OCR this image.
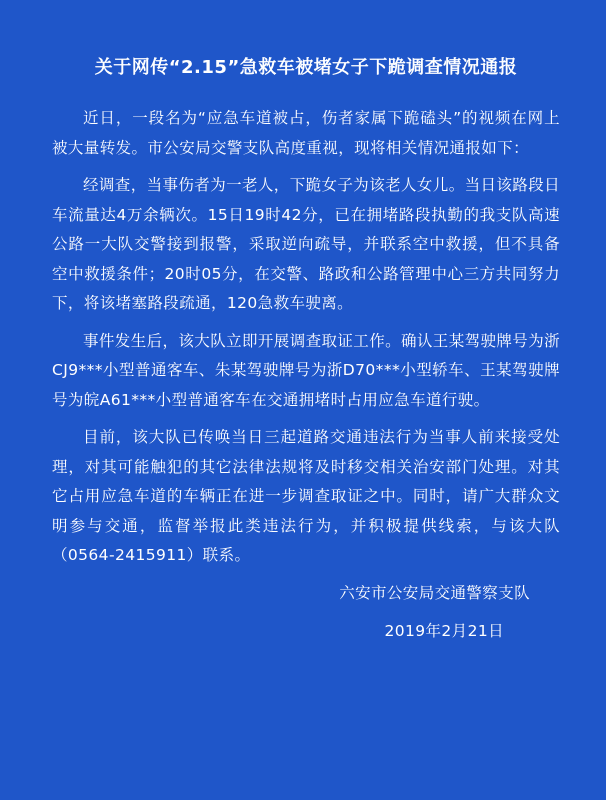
关于网传“2.15”急救车被堵女子下跪调查情况通报

近日，一段名为“应急车道被占，伤者家属下跪磕头”的视频在网上被大量转发。市公安局交警支队高度重视，现将相关情况通报如下：

经调查，当事伤者为一老人，下跪女子为该老人女儿。当日该路段日车流量达4万余辆次。15日19时42分，已在拥堵路段执勤的我支队高速公路一大队交警接到报警，采取逆向疏导，并联系空中救援，但不具备空中救援条件；20时05分，在交警、路政和公路管理中心三方共同努力下，将该堵塞路段疏通，120急救车驶离。

事件发生后，该大队立即开展调查取证工作。确认王某驾驶牌号为浙CJ9***小型普通客车、朱某驾驶牌号为浙D70***小型轿车、王某驾驶牌号为皖A61***小型普通客车在交通拥堵时占用应急车道行驶。

目前，该大队已传唤当日三起道路交通违法行为当事人前来接受处理，对其可能触犯的其它法律法规将及时移交相关治安部门处理。对其它占用应急车道的车辆正在进一步调查取证之中。同时，请广大群众文明参与交通，监督举报此类违法行为，并积极提供线索，与该大队（0564-2415911）联系。

六安市公安局交通警察支队
2019年2月21日
